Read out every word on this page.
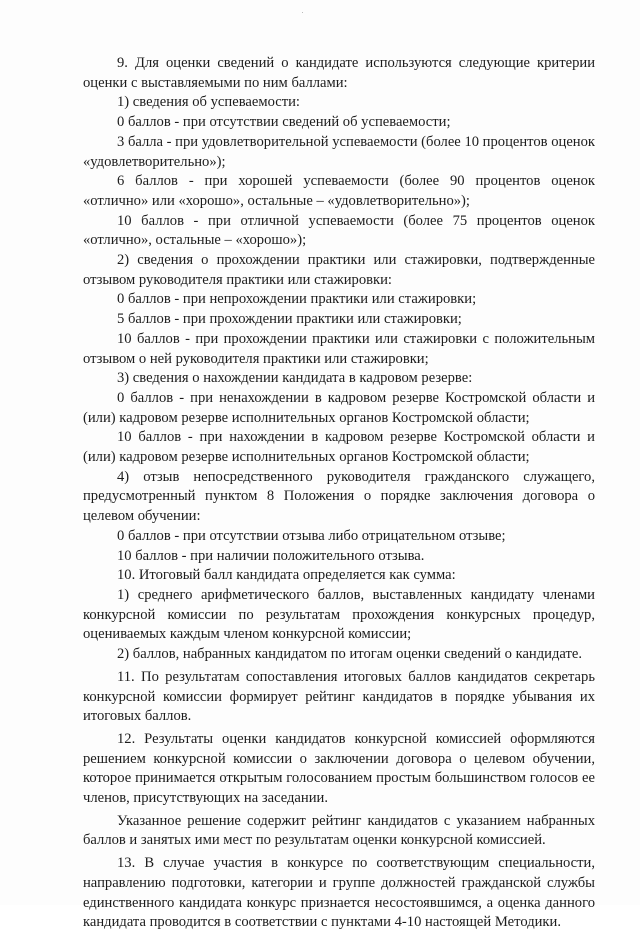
9. Для оценки сведений о кандидате используются следующие критерии оценки с выставляемыми по ним баллами:

1) сведения об успеваемости:

0 баллов - при отсутствии сведений об успеваемости;

3 балла - при удовлетворительной успеваемости (более 10 процентов оценок «удовлетворительно»);

6 баллов - при хорошей успеваемости (более 90 процентов оценок «отлично» или «хорошо», остальные – «удовлетворительно»);

10 баллов - при отличной успеваемости (более 75 процентов оценок «отлично», остальные – «хорошо»);

2) сведения о прохождении практики или стажировки, подтвержденные отзывом руководителя практики или стажировки:

0 баллов - при непрохождении практики или стажировки;

5 баллов - при прохождении практики или стажировки;

10 баллов - при прохождении практики или стажировки с положительным отзывом о ней руководителя практики или стажировки;

3) сведения о нахождении кандидата в кадровом резерве:

0 баллов - при ненахождении в кадровом резерве Костромской области и (или) кадровом резерве исполнительных органов Костромской области;

10 баллов - при нахождении в кадровом резерве Костромской области и (или) кадровом резерве исполнительных органов Костромской области;

4) отзыв непосредственного руководителя гражданского служащего, предусмотренный пунктом 8 Положения о порядке заключения договора о целевом обучении:

0 баллов - при отсутствии отзыва либо отрицательном отзыве;

10 баллов - при наличии положительного отзыва.

10. Итоговый балл кандидата определяется как сумма:

1) среднего арифметического баллов, выставленных кандидату членами конкурсной комиссии по результатам прохождения конкурсных процедур, оцениваемых каждым членом конкурсной комиссии;

2) баллов, набранных кандидатом по итогам оценки сведений о кандидате.

11. По результатам сопоставления итоговых баллов кандидатов секретарь конкурсной комиссии формирует рейтинг кандидатов в порядке убывания их итоговых баллов.

12. Результаты оценки кандидатов конкурсной комиссией оформляются решением конкурсной комиссии о заключении договора о целевом обучении, которое принимается открытым голосованием простым большинством голосов ее членов, присутствующих на заседании.

Указанное решение содержит рейтинг кандидатов с указанием набранных баллов и занятых ими мест по результатам оценки конкурсной комиссией.

13. В случае участия в конкурсе по соответствующим специальности, направлению подготовки, категории и группе должностей гражданской службы единственного кандидата конкурс признается несостоявшимся, а оценка данного кандидата проводится в соответствии с пунктами 4-10 настоящей Методики.
